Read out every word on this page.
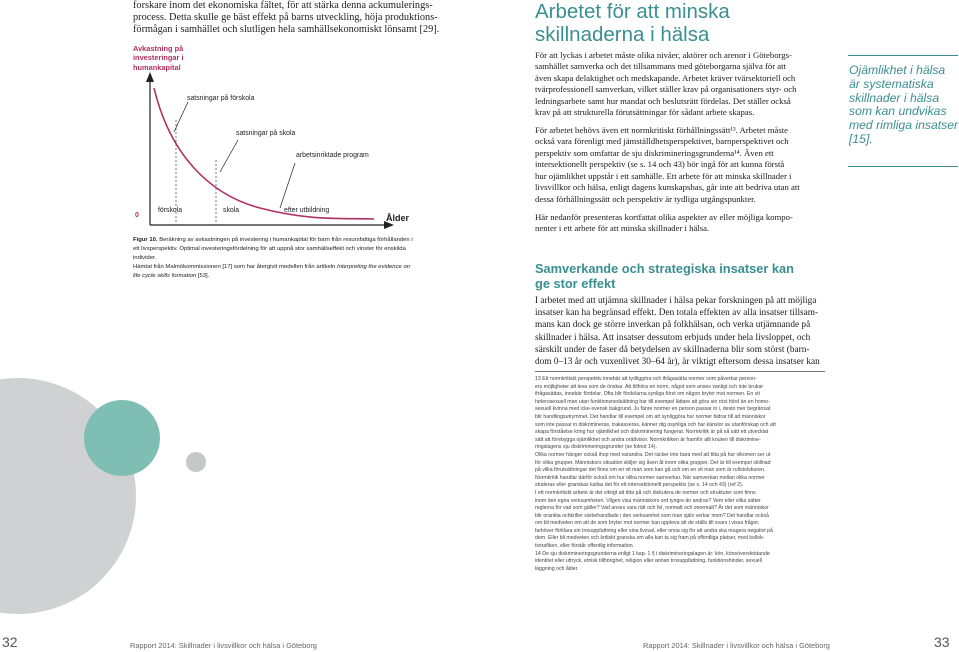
forskare inom det ekonomiska fältet, för att stärka denna ackumulerings-
process. Detta skulle ge bäst effekt på barns utveckling, höja produktions-
förmågan i samhället och slutligen hela samhällsekonomiskt lönsamt [29].
Avkastning på investeringar i humankapital
satsningar på förskola
satsningar på skola
arbetsinriktade program
0
förskola	skola	efter utbildning
Ålder
Figur 10. Beräkning av avkastningen på investering i humankapital för barn från resursfattiga förhållanden i ett livsperspektiv. Optimal investeringsfördelning för att uppnå stor samhällseffekt och vinster för enskilda individer.
Hämtat från Malmökommissionen [17] som har återgivit modellen från artikeln Interpreting the evidence on life cycle skills formation [53].
32	Rapport 2014: Skillnader i livsvillkor och hälsa i Göteborg
Arbetet för att minska
skillnaderna i hälsa
För att lyckas i arbetet måste olika nivåer, aktörer och arenor i Göteborgs-
samhället samverka och det tillsammans med göteborgarna själva för att
även skapa delaktighet och medskapande. Arbetet kräver tvärsektoriell och
tvärprofessionell samverkan, vilket ställer krav på organisationers styr- och
ledningsarbete samt hur mandat och beslutsrätt fördelas. Det ställer också
krav på att strukturella förutsättningar för sådant arbete skapas.
För arbetet behövs även ett normkritiskt förhållningssätt¹³. Arbetet måste
också vara förenligt med jämställdhetsperspektivet, barnperspektivet och
perspektiv som omfattar de sju diskrimineringsgrunderna¹⁴. Även ett
intersektionellt perspektiv (se s. 14 och 43) bör ingå för att kunna förstå
hur ojämlikhet uppstår i ett samhälle. Ett arbete för att minska skillnader i
livsvillkor och hälsa, enligt dagens kunskapsbas, går inte att bedriva utan att
dessa förhållningssätt och perspektiv är tydliga utgångspunkter.
Här nedanför presenteras kortfattat olika aspekter av eller möjliga kompo-
nenter i ett arbete för att minska skillnader i hälsa.
Samverkande och strategiska insatser kan
ge stor effekt
I arbetet med att utjämna skillnader i hälsa pekar forskningen på att möjliga
insatser kan ha begränsad effekt. Den totala effekten av alla insatser tillsam-
mans kan dock ge större inverkan på folkhälsan, och verka utjämnande på
skillnader i hälsa. Att insatser dessutom erbjuds under hela livsloppet, och
särskilt under de faser då betydelsen av skillnaderna blir som störst (barn-
dom 0–13 år och vuxenlivet 30–64 år), är viktigt eftersom dessa insatser kan
13 Ett normkritiskt perspektiv innebär att tydliggöra och ifrågasätta normer som påverkar person-
ers möjligheter att leva som de önskar. Att tillhöra en norm, något som anses vanligt och inte brukar
ifrågasättas, innebär fördelar. Ofta blir fördelarna synliga först om någon bryter mot normen. En vit
heterosexuell man utan funktionsnedsättning har till exempel lättare att göra sin röst hörd än en homo-
sexuell kvinna med icke-svensk bakgrund. Ju fänre normer en person passar in i, desto mer begränsat
blir handlingsutrymmet. Det handlar till exempel om att synliggöra hur normer bidrar till att människor
som inte passar in diskrimineras, trakasseras, känner dig osynliga och har känslor av utanförskap och att
skapa förståelse kring hur ojämlikhet och diskriminering fungerar. Normkritik är på så sätt ett utvecklat
sätt att förebygga ojämlikhet och andra orättvisor. Normkritiken är framför allt knuten till diskrimine-
ringslagens sju diskrimineringsgrunder (se fotnot 14).
Olika normer hänger också ihop med varandra. Det räcker inte bara med att titta på hur vikomen ser ut
för olika grupper. Människors situation skiljer sig åven åt inom olika grupper. Det är till exempel skillnad
på vilka förutsättningar det finns om en vit man som kan gå och om en vit man som är rullstolsburen.
Normkritik handlar därför också om hur olika normer samverkar. När samverkan mellan olika normer
studeras eller granskas kallas det för ett intersektionellt perspektiv (se s. 14 och 43) (ref 2).
I ett normkritiskt arbete är det viktigt att titta på och diskutera de normer och strukturer som finns
inom den egna verksamheten. Vilgen visa människors ord tyngre än andras? Vem eller vilka sätter
reglerna för vad som gäller? Vad anses vara rätt och fel, normalt och onormalt? Är det som människor
blir orankta ochkriller särbehandlade i den verksamhet som man själv verkar inom? Det handlar också
om bli medveten om att de som bryter mot normer kan uppleva att de ställs till svars i vissa frågor,
behöver förklara sin trosuppfattning eller sina livsval, eller onoa sig för att andra ska reagera negativt på
dem. Eller bli medveten och kritiskt granska om alla kan ta sig fram på offentliga platser, med kollek-
tivtrafiken, eller förstår offentlig information.
14 De sju diskrimineringsgrunderna enligt 1 kap. 1 § i diskrimineringslagen är: kön, könsöverskridande
identitet eller uttryck, etnisk tillhörighet, religion eller annan trosuppfattning, funktionshinder, sexuell
läggning och ålder.
Ojämlikhet i hälsa är systematiska skillnader i hälsa som kan undvikas med rimliga insatser [15].
Rapport 2014: Skillnader i livsvillkor och hälsa i Göteborg	33
